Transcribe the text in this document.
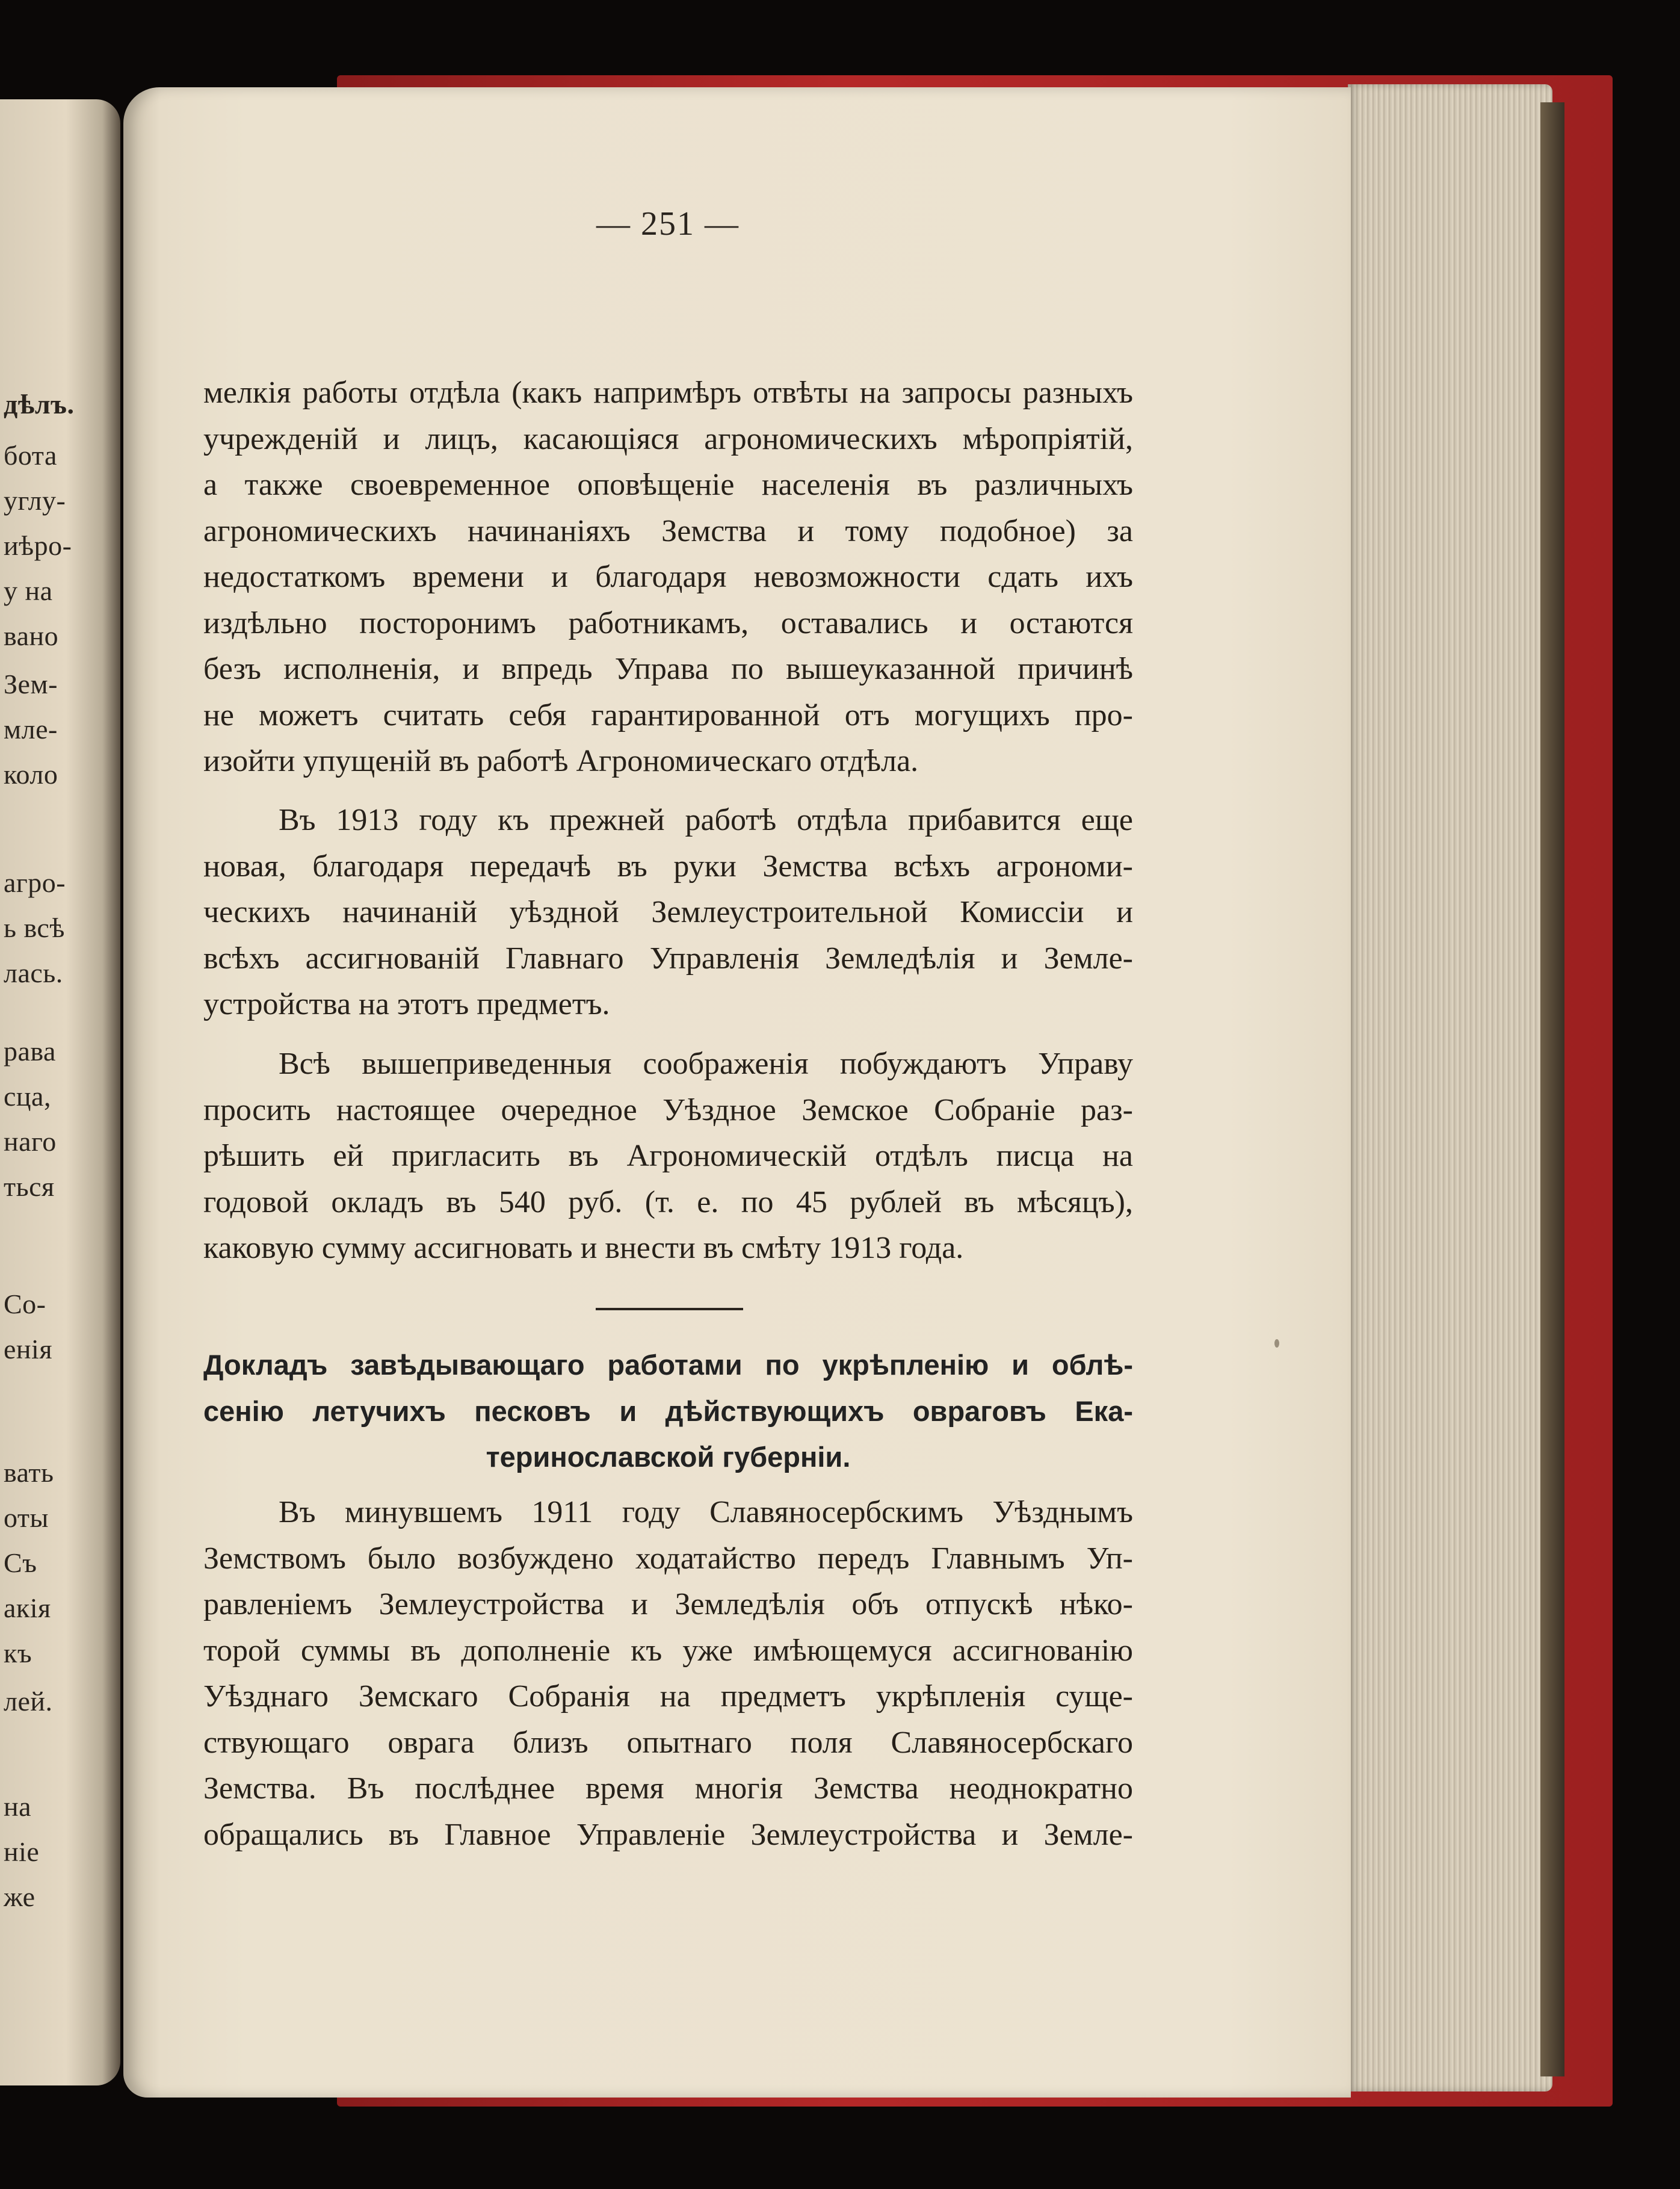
дѣлъ.
бота
углу-
иѣро-
у на
вано
Зем-
мле-
коло
агро-
ь всѣ
лась.
рава
сца,
наго
ться
Со-
енія
вать
оты
Съ
акія
къ
лей.
на
ніе
же
— 251 —
мелкія работы отдѣла (какъ напримѣръ отвѣты на запросы разныхъ
учрежденій и лицъ, касающіяся агрономическихъ мѣропріятій,
а также своевременное оповѣщеніе населенія въ различныхъ
агрономическихъ начинаніяхъ Земства и тому подобное) за
недостаткомъ времени и благодаря невозможности сдать ихъ
издѣльно посторонимъ работникамъ, оставались и остаются
безъ исполненія, и впредь Управа по вышеуказанной причинѣ
не можетъ считать себя гарантированной отъ могущихъ про-
изойти упущеній въ работѣ Агрономическаго отдѣла.
Въ 1913 году къ прежней работѣ отдѣла прибавится еще
новая, благодаря передачѣ въ руки Земства всѣхъ агрономи-
ческихъ начинаній уѣздной Землеустроительной Комиссіи и
всѣхъ ассигнованій Главнаго Управленія Земледѣлія и Земле-
устройства на этотъ предметъ.
Всѣ вышеприведенныя соображенія побуждаютъ Управу
просить настоящее очередное Уѣздное Земское Собраніе раз-
рѣшить ей пригласить въ Агрономическій отдѣлъ писца на
годовой окладъ въ 540 руб. (т. е. по 45 рублей въ мѣсяцъ),
каковую сумму ассигновать и внести въ смѣту 1913 года.
Докладъ завѣдывающаго работами по укрѣпленію и облѣ-
сенію летучихъ песковъ и дѣйствующихъ овраговъ Ека-
теринославской губерніи.
Въ минувшемъ 1911 году Славяносербскимъ Уѣзднымъ
Земствомъ было возбуждено ходатайство передъ Главнымъ Уп-
равленіемъ Землеустройства и Земледѣлія объ отпускѣ нѣко-
торой суммы въ дополненіе къ уже имѣющемуся ассигнованію
Уѣзднаго Земскаго Собранія на предметъ укрѣпленія суще-
ствующаго оврага близъ опытнаго поля Славяносербскаго
Земства. Въ послѣднее время многія Земства неоднократно
обращались въ Главное Управленіе Землеустройства и Земле-
